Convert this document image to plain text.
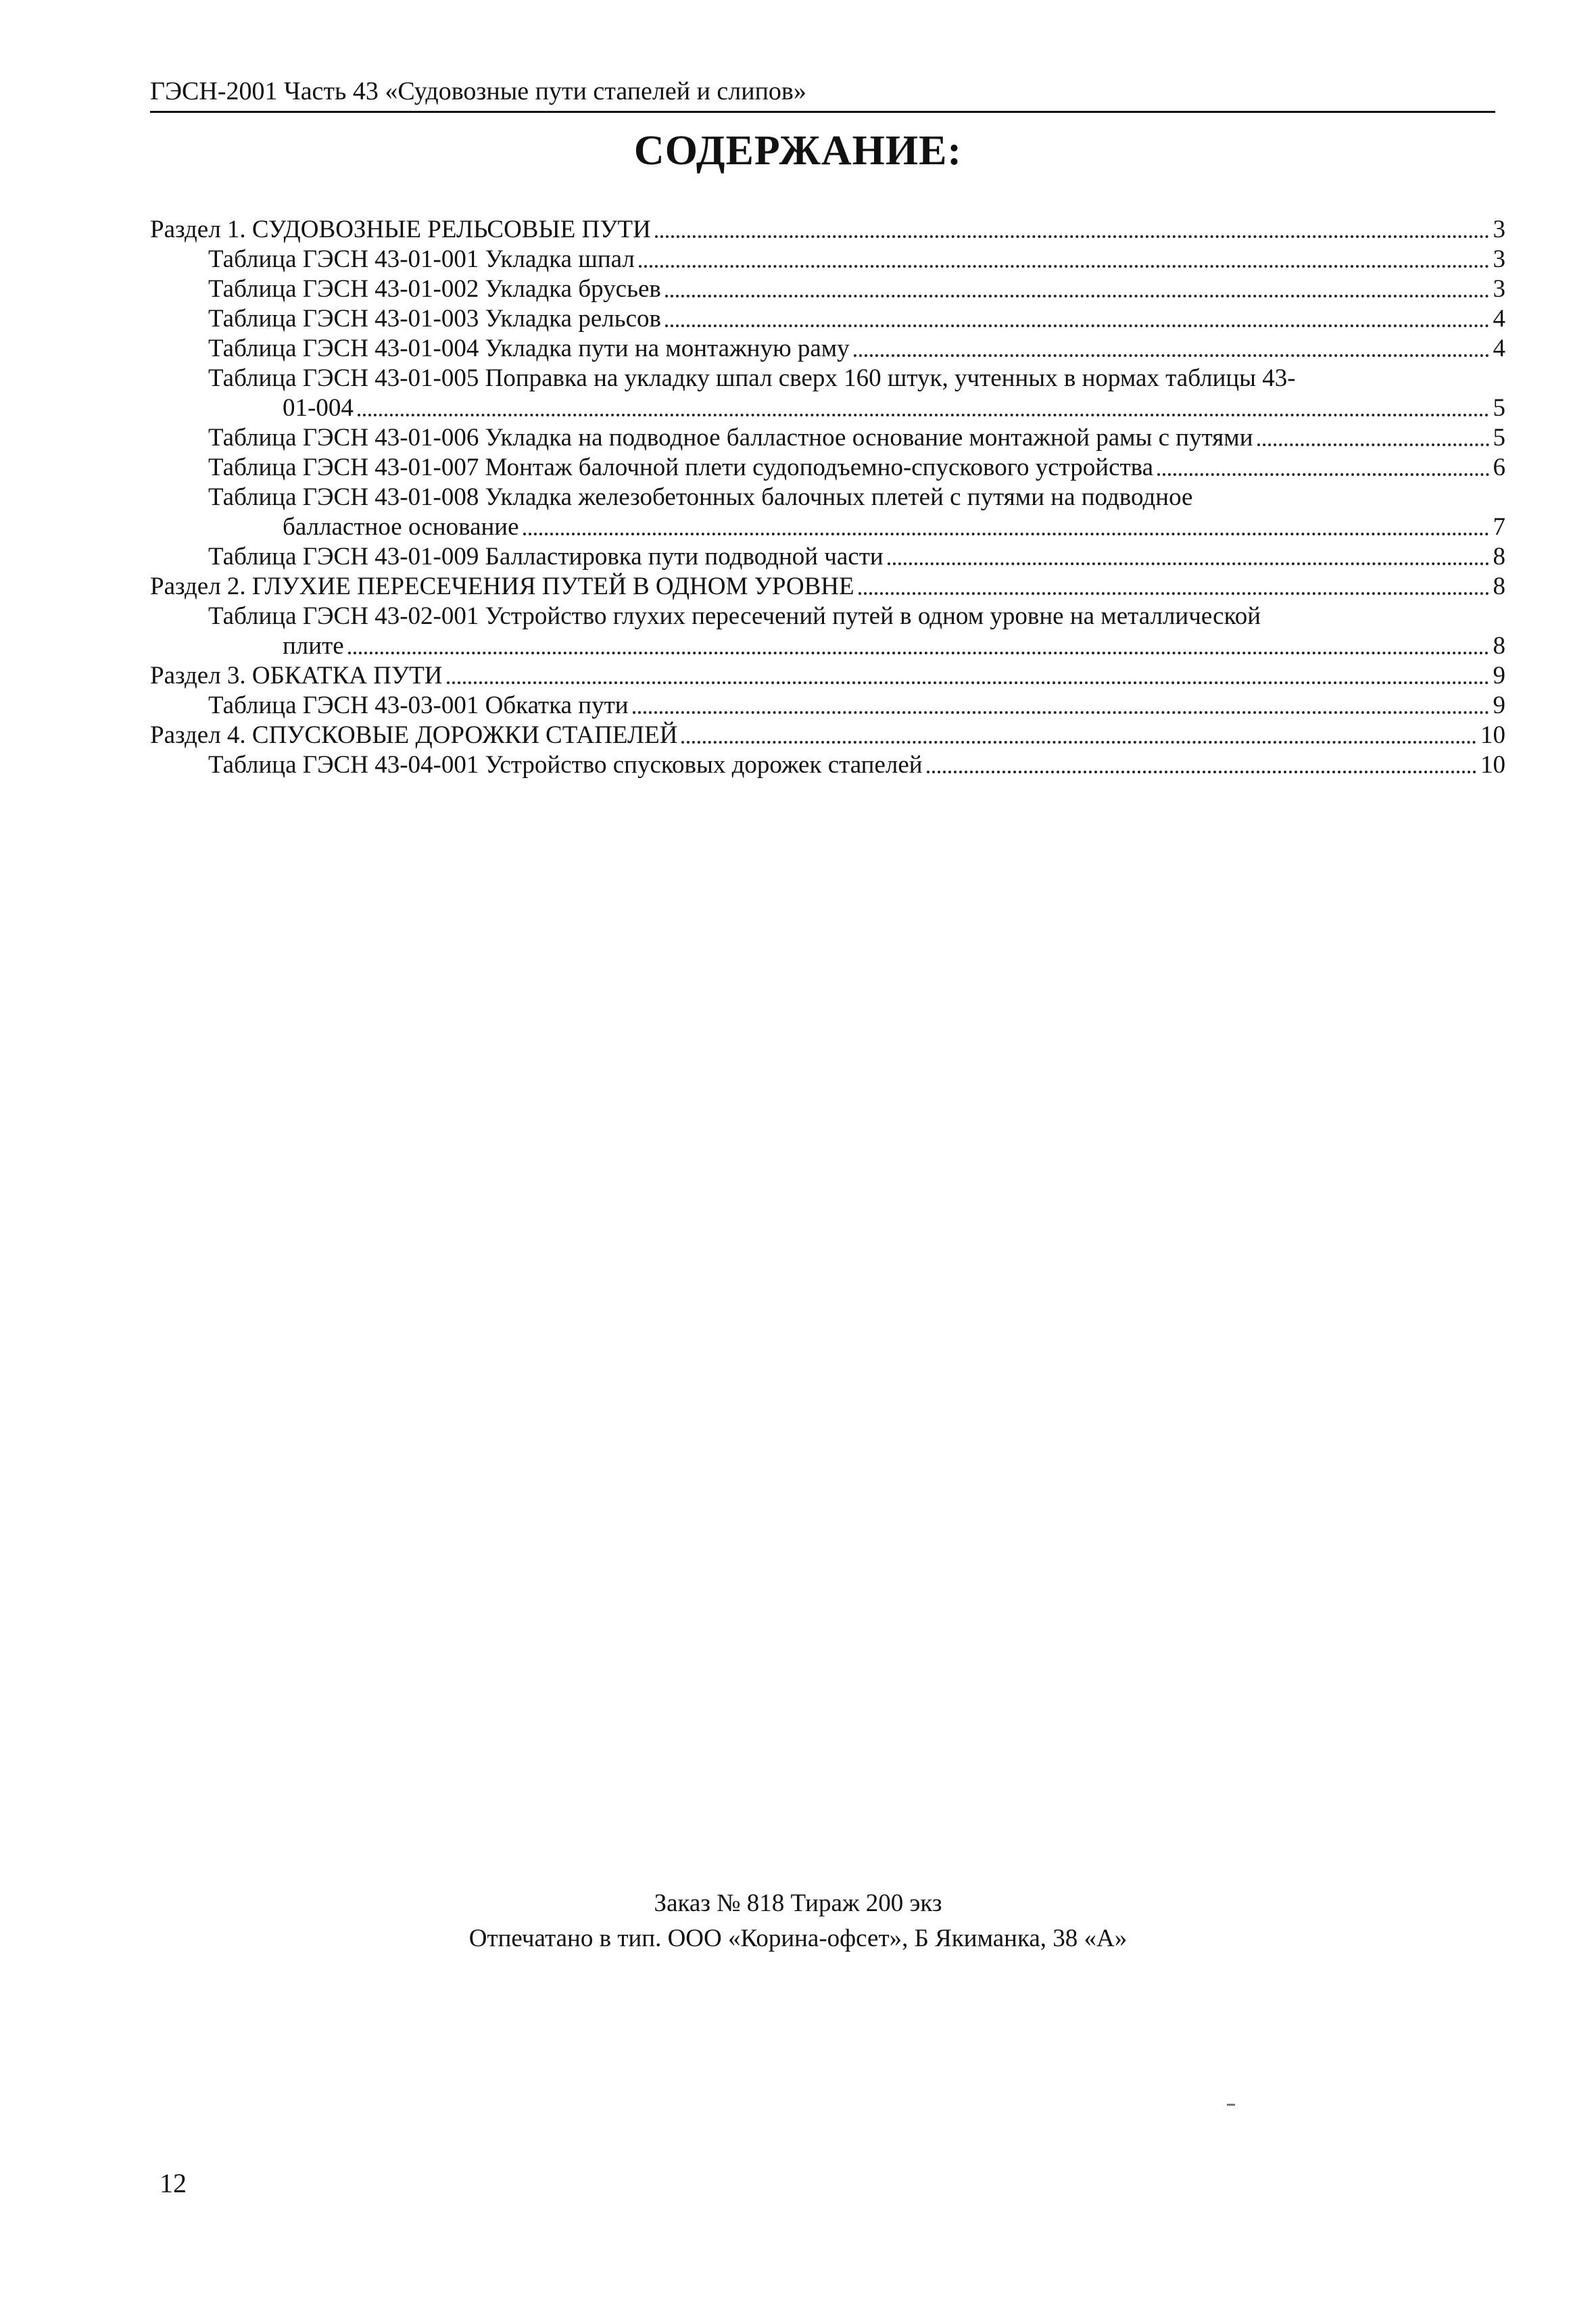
ГЭСН-2001 Часть 43 «Судовозные пути стапелей и слипов»
СОДЕРЖАНИЕ:
Раздел 1. СУДОВОЗНЫЕ РЕЛЬСОВЫЕ ПУТИ	3
Таблица ГЭСН 43-01-001 Укладка шпал	3
Таблица ГЭСН 43-01-002 Укладка брусьев	3
Таблица ГЭСН 43-01-003 Укладка рельсов	4
Таблица ГЭСН 43-01-004 Укладка пути на монтажную раму	4
Таблица ГЭСН 43-01-005 Поправка на укладку шпал сверх 160 штук, учтенных в нормах таблицы 43-
01-004	5
Таблица ГЭСН 43-01-006 Укладка на подводное балластное основание монтажной рамы с путями	5
Таблица ГЭСН 43-01-007 Монтаж балочной плети судоподъемно-спускового устройства	6
Таблица ГЭСН 43-01-008 Укладка железобетонных балочных плетей с путями на подводное
балластное основание	7
Таблица ГЭСН 43-01-009 Балластировка пути подводной части	8
Раздел 2. ГЛУХИЕ ПЕРЕСЕЧЕНИЯ ПУТЕЙ В ОДНОМ УРОВНЕ	8
Таблица ГЭСН 43-02-001 Устройство глухих пересечений путей в одном уровне на металлической
плите	8
Раздел 3. ОБКАТКА ПУТИ	9
Таблица ГЭСН 43-03-001 Обкатка пути	9
Раздел 4. СПУСКОВЫЕ ДОРОЖКИ СТАПЕЛЕЙ	10
Таблица ГЭСН 43-04-001 Устройство спусковых дорожек стапелей	10
Заказ № 818 Тираж 200 экз
Отпечатано в тип. ООО «Корина-офсет», Б Якиманка, 38 «А»
12
